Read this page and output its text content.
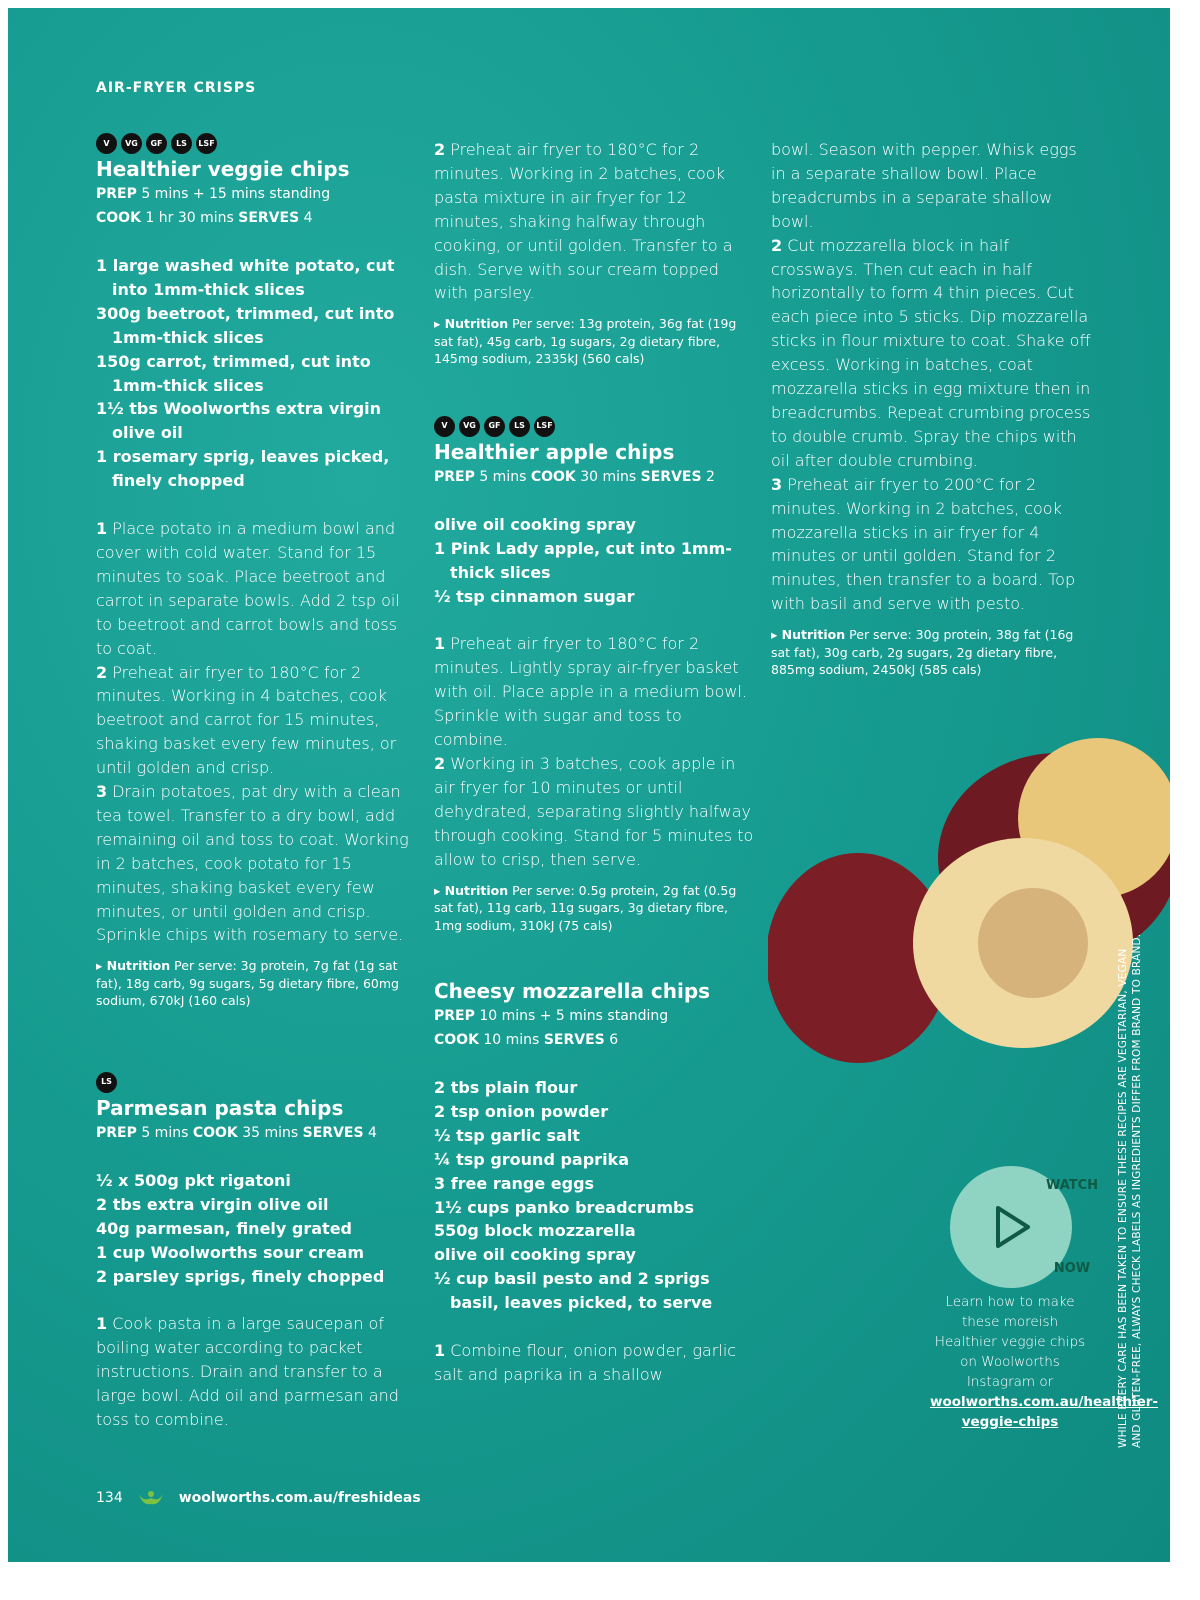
AIR-FRYER CRISPS
V	VG	GF	LS	LSF
Healthier veggie chips
PREP 5 mins + 15 mins standing
COOK 1 hr 30 mins SERVES 4
1 large washed white potato, cut into 1mm-thick slices
300g beetroot, trimmed, cut into 1mm-thick slices
150g carrot, trimmed, cut into 1mm-thick slices
1½ tbs Woolworths extra virgin olive oil
1 rosemary sprig, leaves picked, finely chopped

1 Place potato in a medium bowl and cover with cold water. Stand for 15 minutes to soak. Place beetroot and carrot in separate bowls. Add 2 tsp oil to beetroot and carrot bowls and toss to coat.

2 Preheat air fryer to 180°C for 2 minutes. Working in 4 batches, cook beetroot and carrot for 15 minutes, shaking basket every few minutes, or until golden and crisp.

3 Drain potatoes, pat dry with a clean tea towel. Transfer to a dry bowl, add remaining oil and toss to coat. Working in 2 batches, cook potato for 15 minutes, shaking basket every few minutes, or until golden and crisp. Sprinkle chips with rosemary to serve.

▸ Nutrition Per serve: 3g protein, 7g fat (1g sat fat), 18g carb, 9g sugars, 5g dietary fibre, 60mg sodium, 670kJ (160 cals)
LS
Parmesan pasta chips
PREP 5 mins COOK 35 mins SERVES 4
½ x 500g pkt rigatoni
2 tbs extra virgin olive oil
40g parmesan, finely grated
1 cup Woolworths sour cream
2 parsley sprigs, finely chopped

1 Cook pasta in a large saucepan of boiling water according to packet instructions. Drain and transfer to a large bowl. Add oil and parmesan and toss to combine.

2 Preheat air fryer to 180°C for 2 minutes. Working in 2 batches, cook pasta mixture in air fryer for 12 minutes, shaking halfway through cooking, or until golden. Transfer to a dish. Serve with sour cream topped with parsley.

▸ Nutrition Per serve: 13g protein, 36g fat (19g sat fat), 45g carb, 1g sugars, 2g dietary fibre, 145mg sodium, 2335kJ (560 cals)
V	VG	GF	LS	LSF
Healthier apple chips
PREP 5 mins COOK 30 mins SERVES 2
olive oil cooking spray
1 Pink Lady apple, cut into 1mm-thick slices
½ tsp cinnamon sugar

1 Preheat air fryer to 180°C for 2 minutes. Lightly spray air-fryer basket with oil. Place apple in a medium bowl. Sprinkle with sugar and toss to combine.

2 Working in 3 batches, cook apple in air fryer for 10 minutes or until dehydrated, separating slightly halfway through cooking. Stand for 5 minutes to allow to crisp, then serve.

▸ Nutrition Per serve: 0.5g protein, 2g fat (0.5g sat fat), 11g carb, 11g sugars, 3g dietary fibre, 1mg sodium, 310kJ (75 cals)
Cheesy mozzarella chips
PREP 10 mins + 5 mins standing
COOK 10 mins SERVES 6
2 tbs plain flour
2 tsp onion powder
½ tsp garlic salt
¼ tsp ground paprika
3 free range eggs
1½ cups panko breadcrumbs
550g block mozzarella
olive oil cooking spray
½ cup basil pesto and 2 sprigs basil, leaves picked, to serve

1 Combine flour, onion powder, garlic salt and paprika in a shallow

bowl. Season with pepper. Whisk eggs in a separate shallow bowl. Place breadcrumbs in a separate shallow bowl.

2 Cut mozzarella block in half crossways. Then cut each in half horizontally to form 4 thin pieces. Cut each piece into 5 sticks. Dip mozzarella sticks in flour mixture to coat. Shake off excess. Working in batches, coat mozzarella sticks in egg mixture then in breadcrumbs. Repeat crumbing process to double crumb. Spray the chips with oil after double crumbing.

3 Preheat air fryer to 200°C for 2 minutes. Working in 2 batches, cook mozzarella sticks in air fryer for 4 minutes or until golden. Stand for 2 minutes, then transfer to a board. Top with basil and serve with pesto.

▸ Nutrition Per serve: 30g protein, 38g fat (16g sat fat), 30g carb, 2g sugars, 2g dietary fibre, 885mg sodium, 2450kJ (585 cals)
WATCH
NOW
Learn how to make these moreish Healthier veggie chips on Woolworths Instagram or
woolworths.com.au/healthier-veggie-chips	WHILE EVERY CARE HAS BEEN TAKEN TO ENSURE THESE RECIPES ARE VEGETARIAN, VEGAN AND GLUTEN-FREE, ALWAYS CHECK LABELS AS INGREDIENTS DIFFER FROM BRAND TO BRAND.
134	woolworths.com.au/freshideas
